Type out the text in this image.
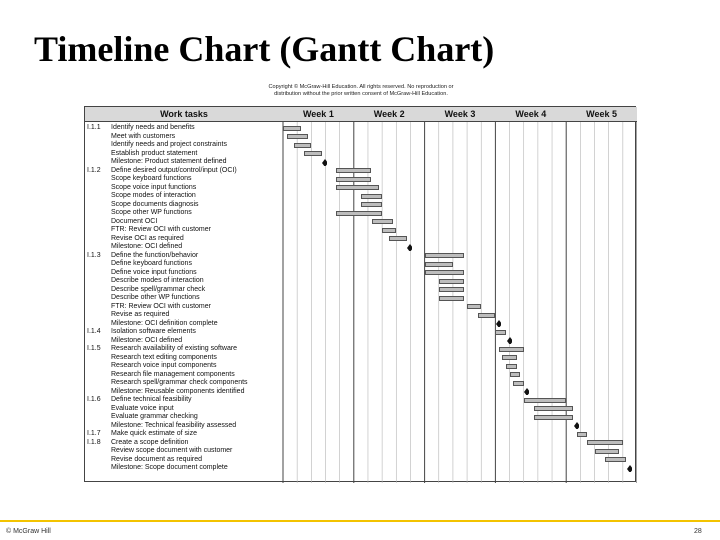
Timeline Chart (Gantt Chart)
Copyright © McGraw-Hill Education. All rights reserved. No reproduction or
distribution without the prior written consent of McGraw-Hill Education.
Work tasks	Week 1	Week 2	Week 3	Week 4	Week 5
I.1.1	Identify needs and benefits
Meet with customers
Identify needs and project constraints
Establish product statement
Milestone: Product statement defined
I.1.2	Define desired output/control/input (OCI)
Scope keyboard functions
Scope voice input functions
Scope modes of interaction
Scope documents diagnosis
Scope other WP functions
Document OCI
FTR: Review OCI with customer
Revise OCI as required
Milestone: OCI defined
I.1.3	Define the function/behavior
Define keyboard functions
Define voice input functions
Describe modes of interaction
Describe spell/grammar check
Describe other WP functions
FTR: Review OCI with customer
Revise as required
Milestone: OCI definition complete
I.1.4	Isolation software elements
Milestone: OCI defined
I.1.5	Research availability of existing software
Research text editing components
Research voice input components
Research file management components
Research spell/grammar check components
Milestone: Reusable components identified
I.1.6	Define technical feasibility
Evaluate voice input
Evaluate grammar checking
Milestone: Technical feasibility assessed
I.1.7	Make quick estimate of size
I.1.8	Create a scope definition
Review scope document with customer
Revise document as required
Milestone: Scope document complete
© McGraw Hill	28
